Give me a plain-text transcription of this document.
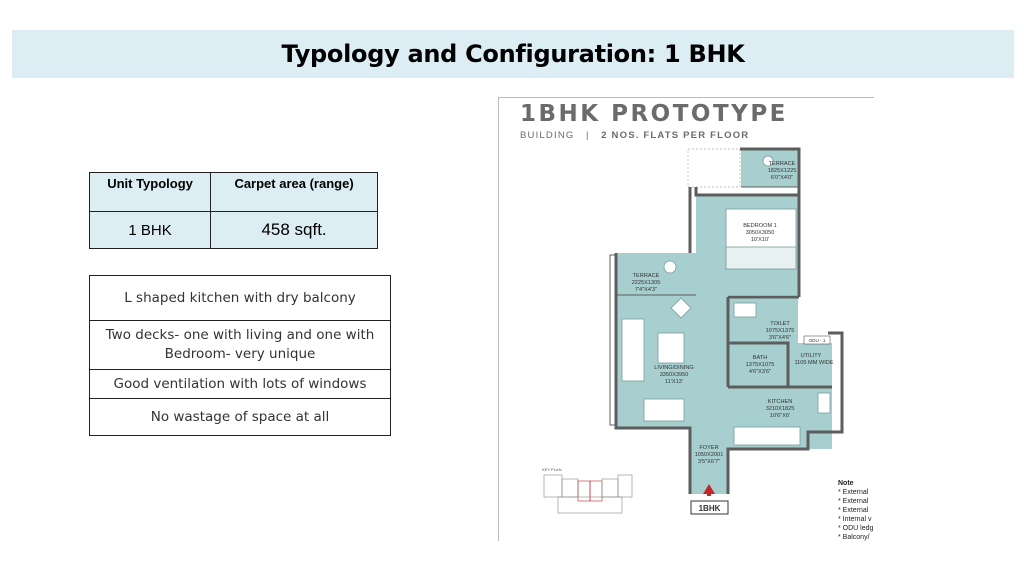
Typology and Configuration: 1 BHK
Unit Typology	Carpet area (range)
1 BHK	458 sqft.
L shaped kitchen with dry balcony
Two decks- one with living and one with Bedroom- very unique
Good ventilation with lots of windows
No wastage of space at all
1BHK PROTOTYPE
BUILDING | 2 NOS. FLATS PER FLOOR
TERRACE
1825X1225
6'0"X4'0"
BEDROOM 1
3050X3050
10'X10'
TERRACE
2225X1305
7'4"X4'3"
TOILET
1075X1375
3'6"X4'6"
LIVING/DINING
3350X3950
11'X13'
BATH
1375X1075
4'6"X3'6"
UTILITY
1105 MM WIDE
KITCHEN
3210X1825
10'6"X6'
FOYER
1050X2001
3'5"X6'7"
ODU - 1
1BHK
KEY PLAN
Note
* External
* External
* External
* Internal v
* ODU ledg
* Balcony/
